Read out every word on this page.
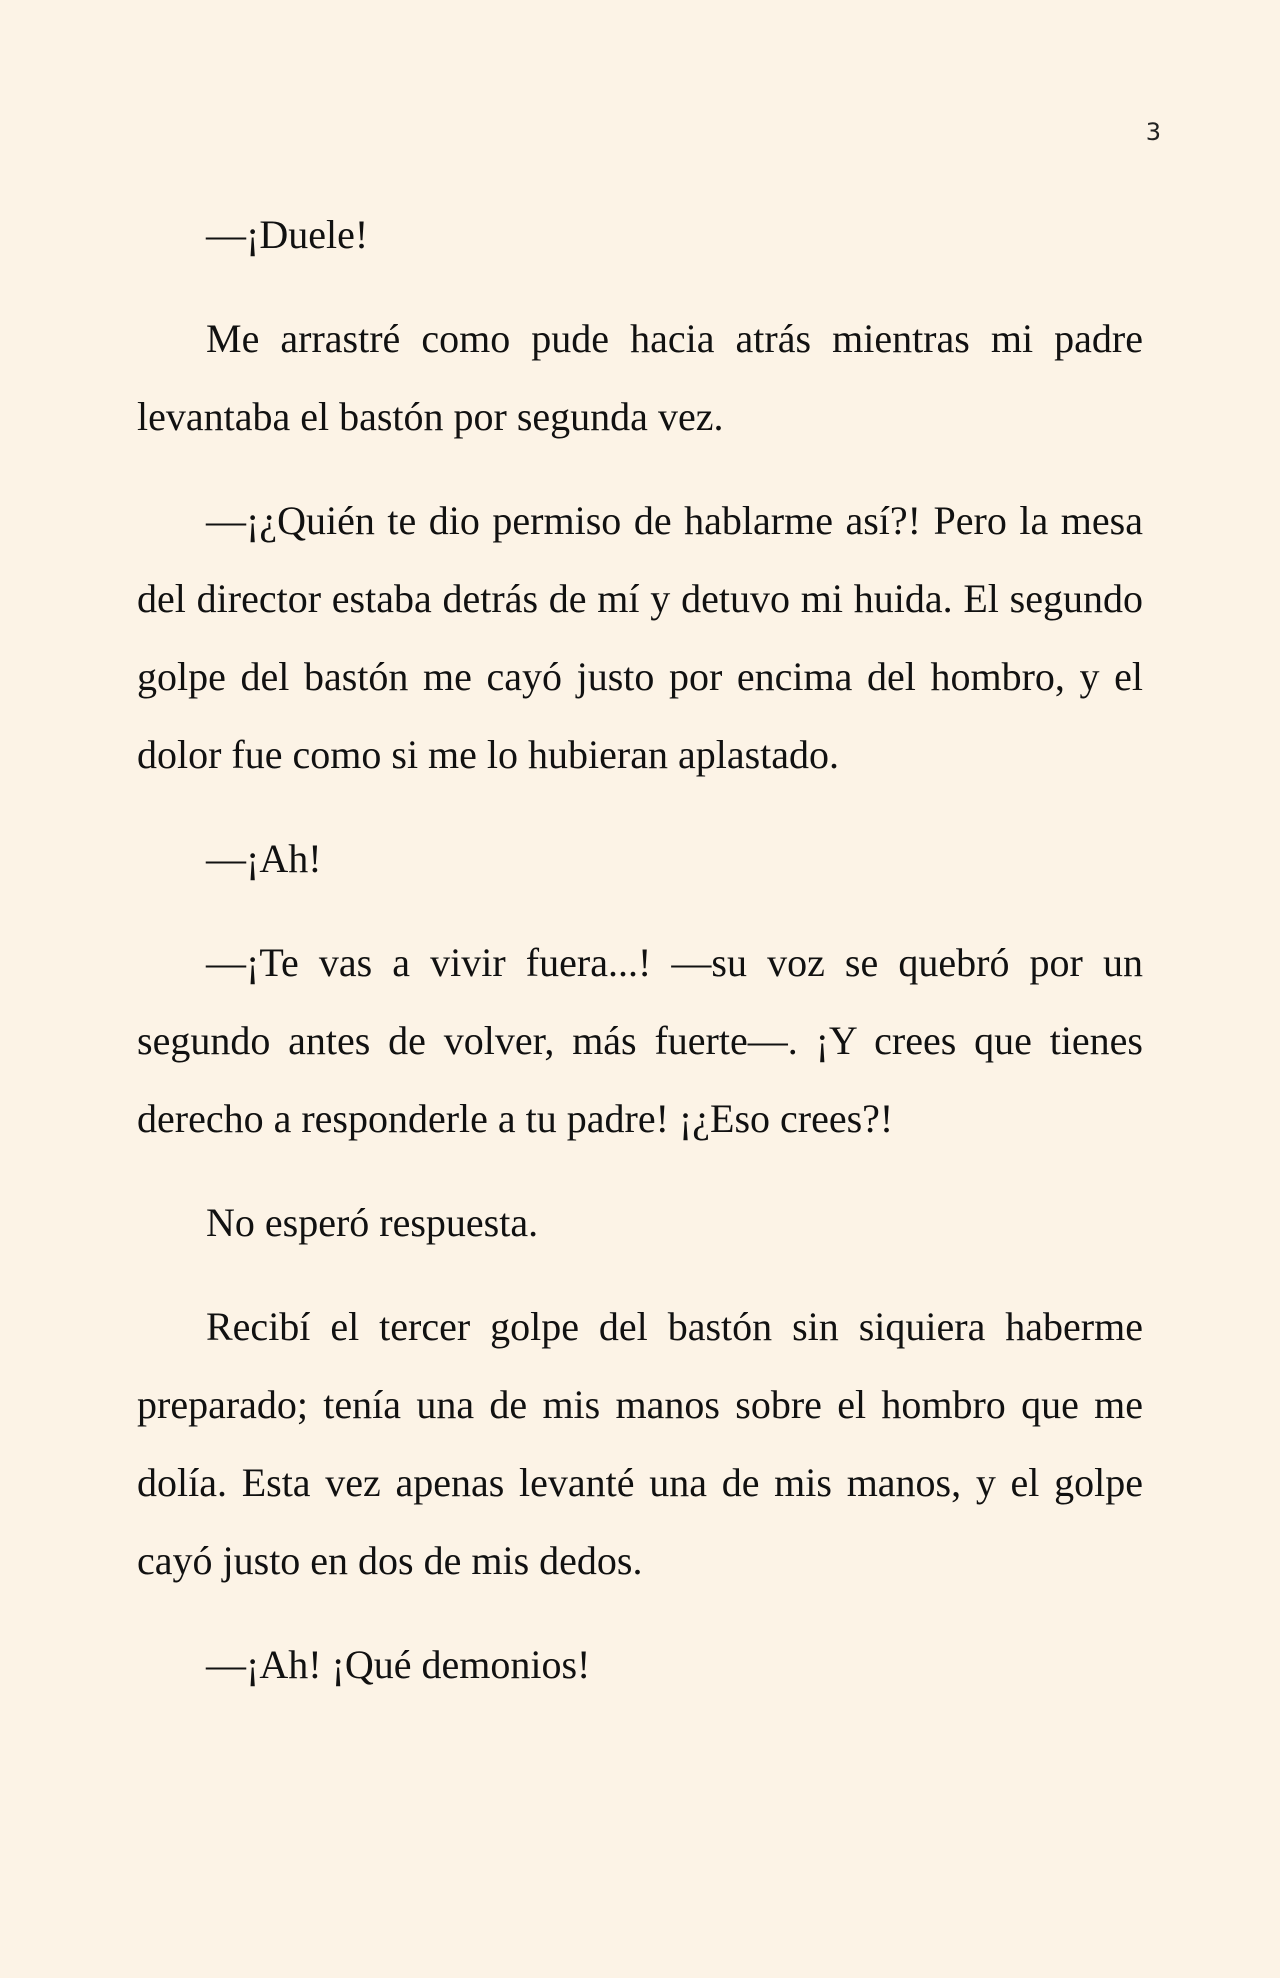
3

—¡Duele!

Me arrastré como pude hacia atrás mientras mi padre levantaba el bastón por segunda vez.

—¡¿Quién te dio permiso de hablarme así?! Pero la mesa del director estaba detrás de mí y detuvo mi huida. El segundo golpe del bastón me cayó justo por encima del hombro, y el dolor fue como si me lo hubieran aplastado.

—¡Ah!

—¡Te vas a vivir fuera...! —su voz se quebró por un segundo antes de volver, más fuerte—. ¡Y crees que tienes derecho a responderle a tu padre! ¡¿Eso crees?!

No esperó respuesta.

Recibí el tercer golpe del bastón sin siquiera haberme preparado; tenía una de mis manos sobre el hombro que me dolía. Esta vez apenas levanté una de mis manos, y el golpe cayó justo en dos de mis dedos.

—¡Ah! ¡Qué demonios!
